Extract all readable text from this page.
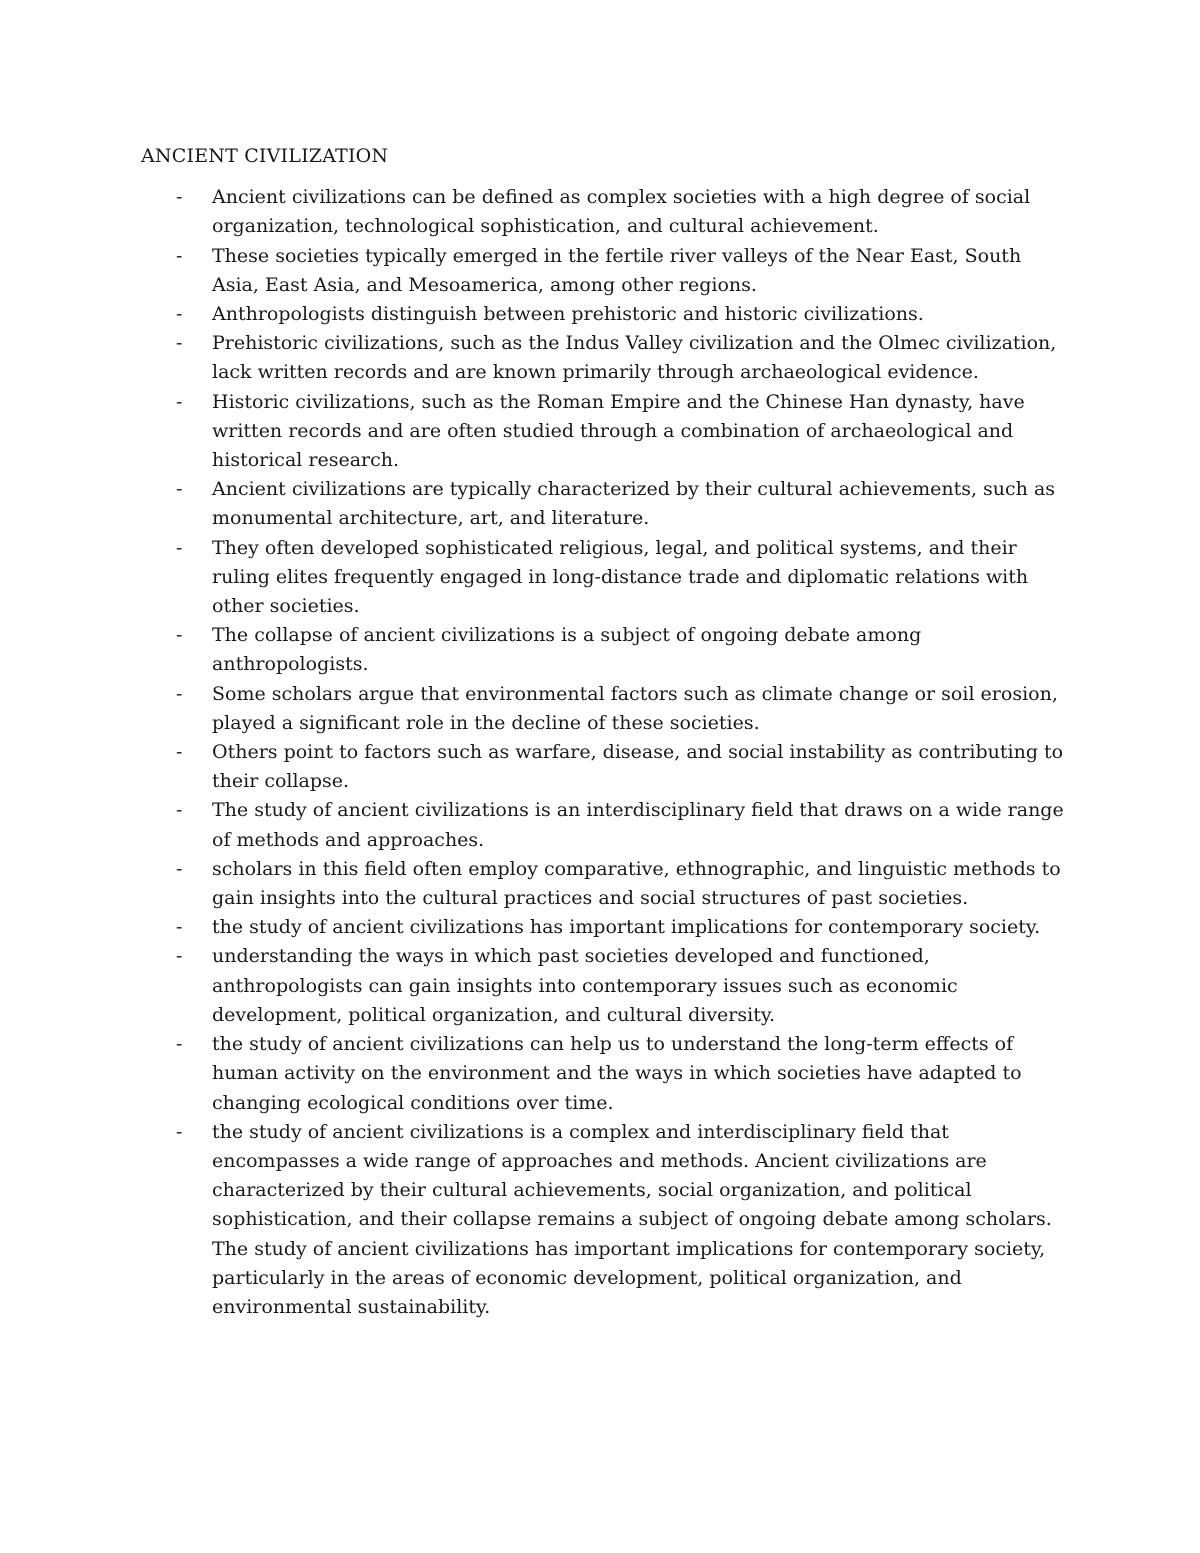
ANCIENT CIVILIZATION
- Ancient civilizations can be defined as complex societies with a high degree of social organization, technological sophistication, and cultural achievement.
- These societies typically emerged in the fertile river valleys of the Near East, South Asia, East Asia, and Mesoamerica, among other regions.
- Anthropologists distinguish between prehistoric and historic civilizations.
- Prehistoric civilizations, such as the Indus Valley civilization and the Olmec civilization, lack written records and are known primarily through archaeological evidence.
- Historic civilizations, such as the Roman Empire and the Chinese Han dynasty, have written records and are often studied through a combination of archaeological and historical research.
- Ancient civilizations are typically characterized by their cultural achievements, such as monumental architecture, art, and literature.
- They often developed sophisticated religious, legal, and political systems, and their ruling elites frequently engaged in long-distance trade and diplomatic relations with other societies.
- The collapse of ancient civilizations is a subject of ongoing debate among anthropologists.
- Some scholars argue that environmental factors such as climate change or soil erosion, played a significant role in the decline of these societies.
- Others point to factors such as warfare, disease, and social instability as contributing to their collapse.
- The study of ancient civilizations is an interdisciplinary field that draws on a wide range of methods and approaches.
- scholars in this field often employ comparative, ethnographic, and linguistic methods to gain insights into the cultural practices and social structures of past societies.
- the study of ancient civilizations has important implications for contemporary society.
- understanding the ways in which past societies developed and functioned, anthropologists can gain insights into contemporary issues such as economic development, political organization, and cultural diversity.
- the study of ancient civilizations can help us to understand the long-term effects of human activity on the environment and the ways in which societies have adapted to changing ecological conditions over time.
- the study of ancient civilizations is a complex and interdisciplinary field that encompasses a wide range of approaches and methods. Ancient civilizations are characterized by their cultural achievements, social organization, and political sophistication, and their collapse remains a subject of ongoing debate among scholars. The study of ancient civilizations has important implications for contemporary society, particularly in the areas of economic development, political organization, and environmental sustainability.
